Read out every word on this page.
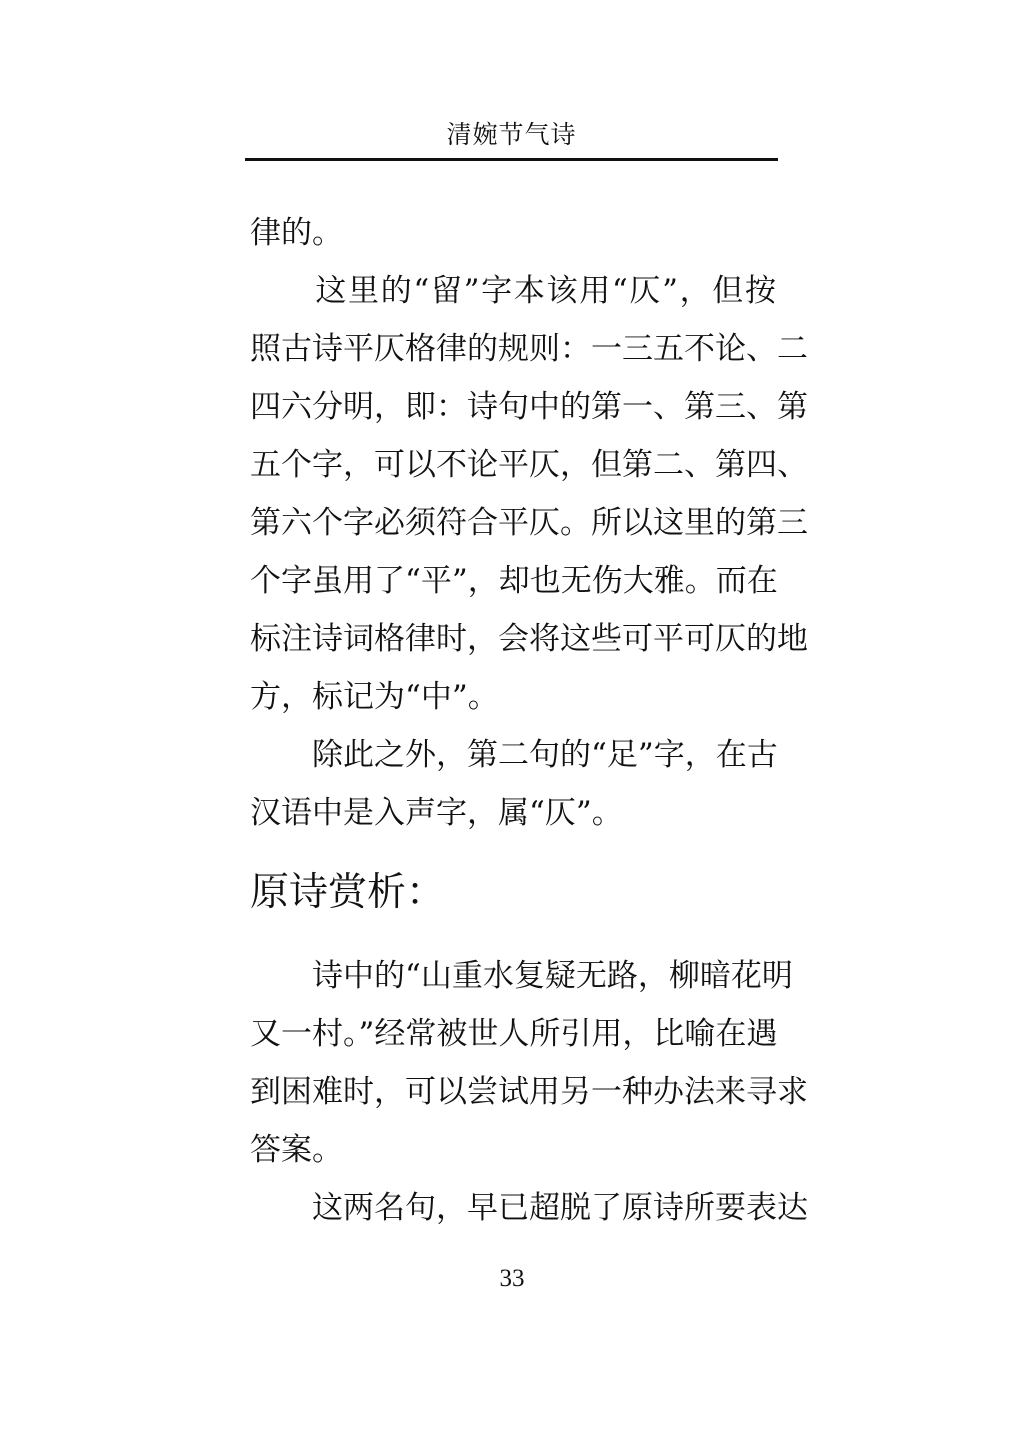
清婉节气诗
律的。
　　这里的“留”字本该用“仄”，但按
照古诗平仄格律的规则：一三五不论、二
四六分明，即：诗句中的第一、第三、第
五个字，可以不论平仄，但第二、第四、
第六个字必须符合平仄。所以这里的第三
个字虽用了“平”，却也无伤大雅。而在
标注诗词格律时，会将这些可平可仄的地
方，标记为“中”。
　　除此之外，第二句的“足”字，在古
汉语中是入声字，属“仄”。
原诗赏析：
　　诗中的“山重水复疑无路，柳暗花明
又一村。”经常被世人所引用，比喻在遇
到困难时，可以尝试用另一种办法来寻求
答案。
　　这两名句，早已超脱了原诗所要表达
33
